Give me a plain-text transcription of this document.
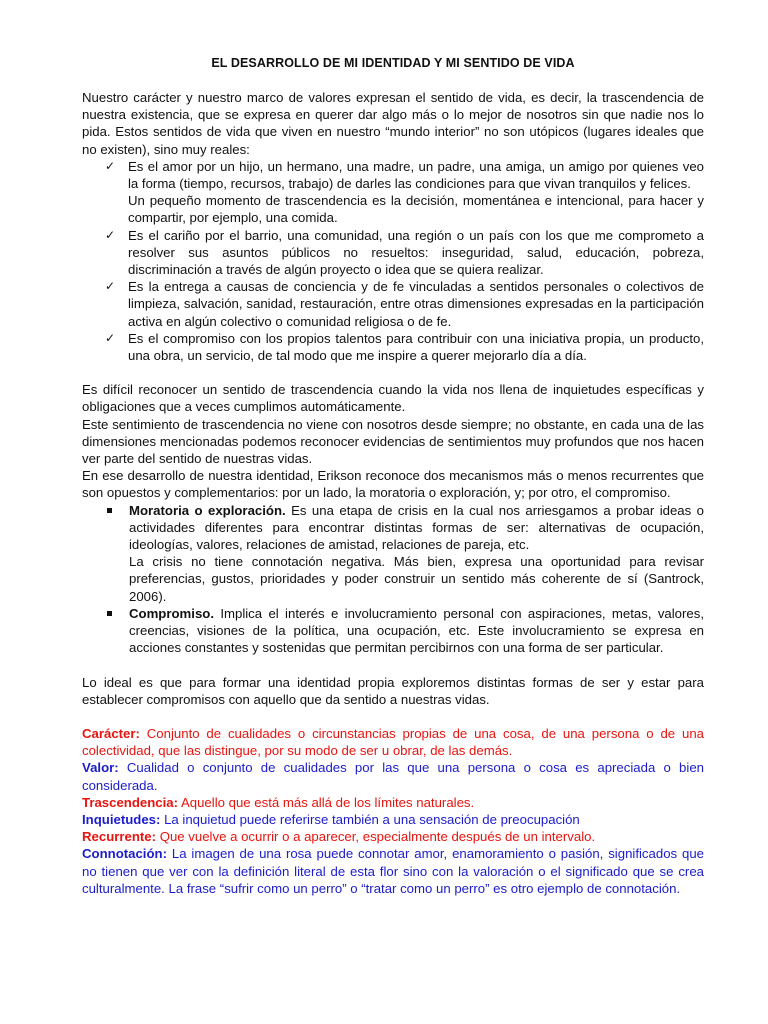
EL DESARROLLO DE MI IDENTIDAD Y MI SENTIDO DE VIDA

Nuestro carácter y nuestro marco de valores expresan el sentido de vida, es decir, la trascendencia de nuestra existencia, que se expresa en querer dar algo más o lo mejor de nosotros sin que nadie nos lo pida. Estos sentidos de vida que viven en nuestro “mundo interior” no son utópicos (lugares ideales que no existen), sino muy reales:

✓ Es el amor por un hijo, un hermano, una madre, un padre, una amiga, un amigo por quienes veo la forma (tiempo, recursos, trabajo) de darles las condiciones para que vivan tranquilos y felices.
Un pequeño momento de trascendencia es la decisión, momentánea e intencional, para hacer y compartir, por ejemplo, una comida.
✓ Es el cariño por el barrio, una comunidad, una región o un país con los que me comprometo a resolver sus asuntos públicos no resueltos: inseguridad, salud, educación, pobreza, discriminación a través de algún proyecto o idea que se quiera realizar.
✓ Es la entrega a causas de conciencia y de fe vinculadas a sentidos personales o colectivos de limpieza, salvación, sanidad, restauración, entre otras dimensiones expresadas en la participación activa en algún colectivo o comunidad religiosa o de fe.
✓ Es el compromiso con los propios talentos para contribuir con una iniciativa propia, un producto, una obra, un servicio, de tal modo que me inspire a querer mejorarlo día a día.

Es difícil reconocer un sentido de trascendencia cuando la vida nos llena de inquietudes específicas y obligaciones que a veces cumplimos automáticamente.

Este sentimiento de trascendencia no viene con nosotros desde siempre; no obstante, en cada una de las dimensiones mencionadas podemos reconocer evidencias de sentimientos muy profundos que nos hacen ver parte del sentido de nuestras vidas.

En ese desarrollo de nuestra identidad, Erikson reconoce dos mecanismos más o menos recurrentes que son opuestos y complementarios: por un lado, la moratoria o exploración, y; por otro, el compromiso.

Moratoria o exploración. Es una etapa de crisis en la cual nos arriesgamos a probar ideas o actividades diferentes para encontrar distintas formas de ser: alternativas de ocupación, ideologías, valores, relaciones de amistad, relaciones de pareja, etc.
La crisis no tiene connotación negativa. Más bien, expresa una oportunidad para revisar preferencias, gustos, prioridades y poder construir un sentido más coherente de sí (Santrock, 2006).
Compromiso. Implica el interés e involucramiento personal con aspiraciones, metas, valores, creencias, visiones de la política, una ocupación, etc. Este involucramiento se expresa en acciones constantes y sostenidas que permitan percibirnos con una forma de ser particular.

Lo ideal es que para formar una identidad propia exploremos distintas formas de ser y estar para establecer compromisos con aquello que da sentido a nuestras vidas.

Carácter: Conjunto de cualidades o circunstancias propias de una cosa, de una persona o de una colectividad, que las distingue, por su modo de ser u obrar, de las demás.

Valor: Cualidad o conjunto de cualidades por las que una persona o cosa es apreciada o bien considerada.

Trascendencia: Aquello que está más allá de los límites naturales.

Inquietudes: La inquietud puede referirse también a una sensación de preocupación

Recurrente: Que vuelve a ocurrir o a aparecer, especialmente después de un intervalo.

Connotación: La imagen de una rosa puede connotar amor, enamoramiento o pasión, significados que no tienen que ver con la definición literal de esta flor sino con la valoración o el significado que se crea culturalmente. La frase “sufrir como un perro” o “tratar como un perro” es otro ejemplo de connotación.
